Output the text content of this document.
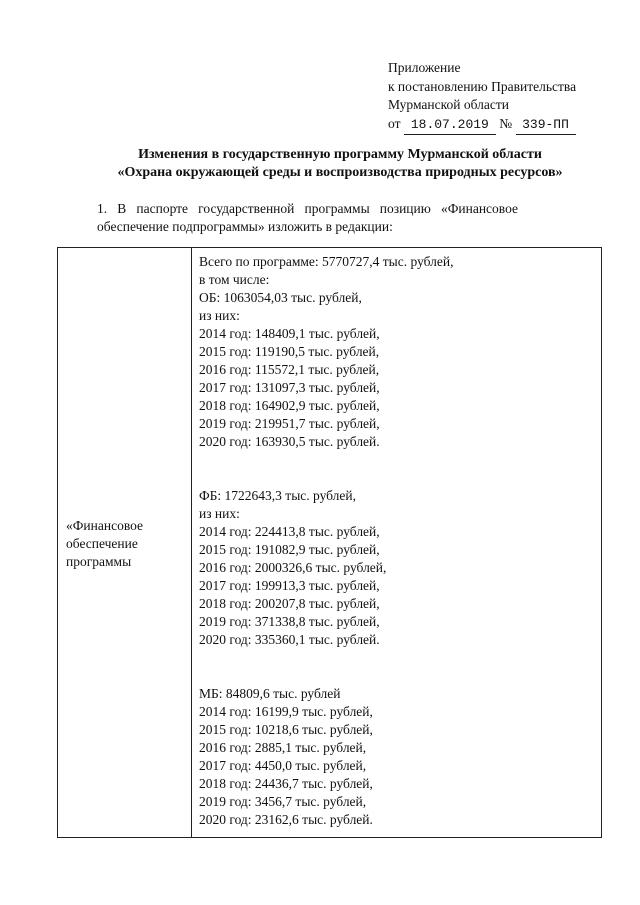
Приложение
к постановлению Правительства
Мурманской области
от 18.07.2019 № 339-ПП
Изменения в государственную программу Мурманской области
«Охрана окружающей среды и воспроизводства природных ресурсов»
1.   В   паспорте   государственной   программы   позицию   «Финансовое
обеспечение подпрограммы» изложить в редакции:
«Финансовое
обеспечение
программы
Всего по программе: 5770727,4 тыс. рублей,
в том числе:
ОБ: 1063054,03 тыс. рублей,
из них:
2014 год: 148409,1 тыс. рублей,
2015 год: 119190,5 тыс. рублей,
2016 год: 115572,1 тыс. рублей,
2017 год: 131097,3 тыс. рублей,
2018 год: 164902,9 тыс. рублей,
2019 год: 219951,7 тыс. рублей,
2020 год: 163930,5 тыс. рублей.
ФБ: 1722643,3 тыс. рублей,
из них:
2014 год: 224413,8 тыс. рублей,
2015 год: 191082,9 тыс. рублей,
2016 год: 2000326,6 тыс. рублей,
2017 год: 199913,3 тыс. рублей,
2018 год: 200207,8 тыс. рублей,
2019 год: 371338,8 тыс. рублей,
2020 год: 335360,1 тыс. рублей.
МБ: 84809,6 тыс. рублей
2014 год: 16199,9 тыс. рублей,
2015 год: 10218,6 тыс. рублей,
2016 год: 2885,1 тыс. рублей,
2017 год: 4450,0 тыс. рублей,
2018 год: 24436,7 тыс. рублей,
2019 год: 3456,7 тыс. рублей,
2020 год: 23162,6 тыс. рублей.
